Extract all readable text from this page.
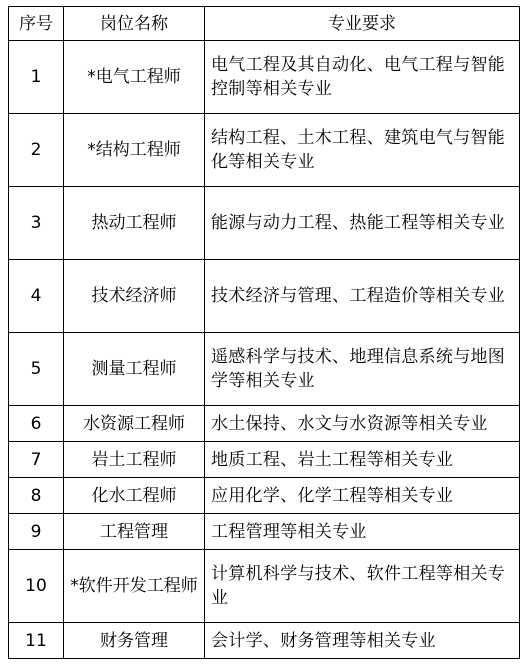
序号	岗位名称	专业要求
1	*电气工程师	电气工程及其自动化、电气工程与智能控制等相关专业
2	*结构工程师	结构工程、土木工程、建筑电气与智能化等相关专业
3	热动工程师	能源与动力工程、热能工程等相关专业
4	技术经济师	技术经济与管理、工程造价等相关专业
5	测量工程师	遥感科学与技术、地理信息系统与地图学等相关专业
6	水资源工程师	水土保持、水文与水资源等相关专业
7	岩土工程师	地质工程、岩土工程等相关专业
8	化水工程师	应用化学、化学工程等相关专业
9	工程管理	工程管理等相关专业
10	*软件开发工程师	计算机科学与技术、软件工程等相关专业
11	财务管理	会计学、财务管理等相关专业
